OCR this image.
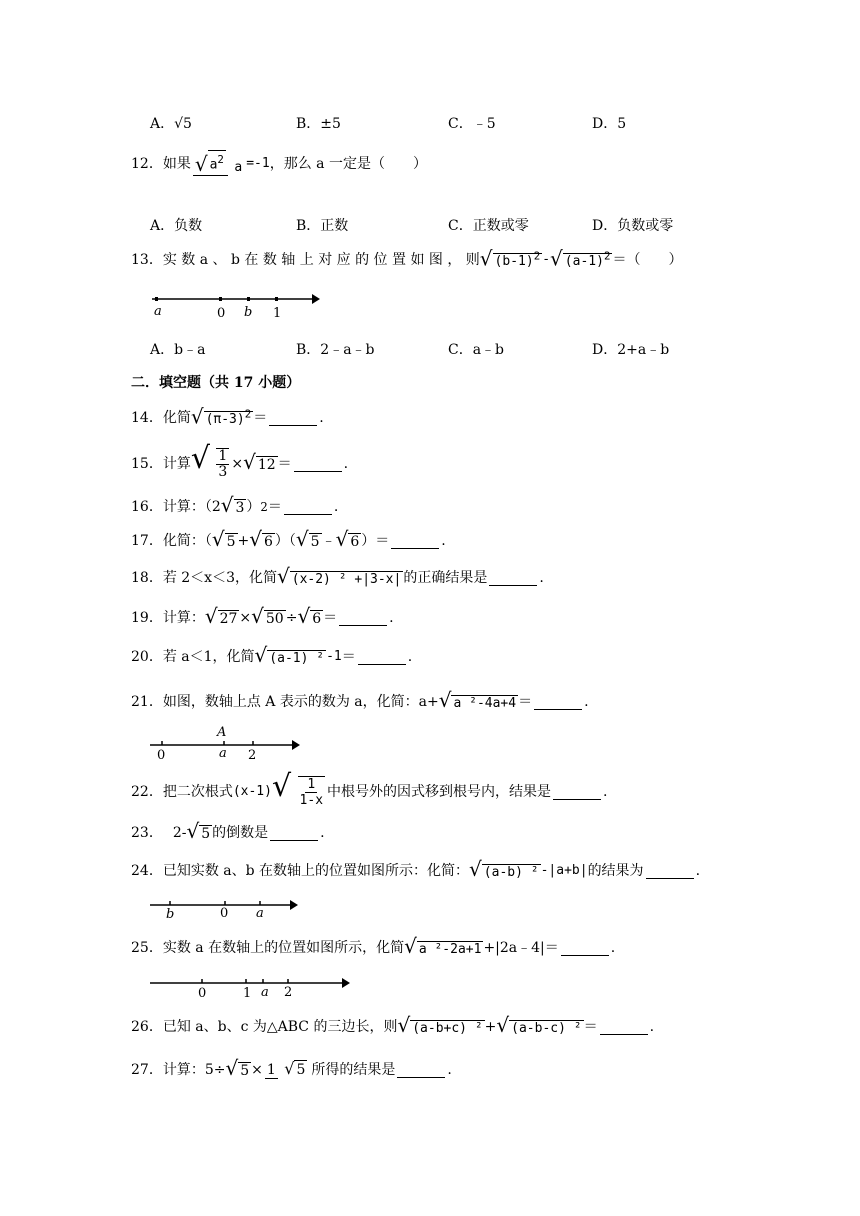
A．√5	B．±5	C．﹣5	D．5
12． 如果 √ $a^2$
a =-1 ，那么 a 一定是（　　）
A．负数	B．正数	C．正数或零	D．负数或零
13． 实 数 a 、 b 在 数 轴 上 对 应 的 位 置 如 图 ， 则 √ $(b-1)^2$ - √ $(a-1)^2$ ＝（　　）
a	0 b 1
A．b﹣a	B．2﹣a﹣b	C．a﹣b	D．2+a﹣b
二．填空题（共 17 小题）
14． 化简 √ $(\pi-3)^2$ ＝	.
15． 计算 √ $\frac{1}{3}$ × √ 12 ＝	.
16． 计算：（2 √ 3 ） 2 ＝	.
17． 化简：（ √ 5 + √ 6 ）（ √ 5 ﹣ √ 6 ）＝	.
18． 若 2＜x＜3，化简 √ (x-2) ² +|3-x| 的正确结果是	.
19． 计算： √ 27 × √ 50 ÷ √ 6 ＝	.
20． 若 a＜1，化简 √ (a-1) ² -1 ＝	.
21． 如图，数轴上点 A 表示的数为 a，化简：a+ √ a ²-4a+4 ＝	.
A
0	a 2
22． 把二次根式 (x-1) √ $\frac{1}{1-x}$ 中根号外的因式移到根号内，结果是	.
23． 2- √ 5 的倒数是	.
24． 已知实数 a、b 在数轴上的位置如图所示：化简： √ (a-b) ² -|a+b| 的结果为	.
b	0 a
25． 实数 a 在数轴上的位置如图所示，化简 √ a ²-2a+1 +|2a﹣4|＝	.
0	1 a 2
26． 已知 a、b、c 为△ABC 的三边长，则 √ (a-b+c) ² + √ (a-b-c) ² ＝	.
27． 计算：5÷ √ 5 × 1 √ 5 所得的结果是	.
